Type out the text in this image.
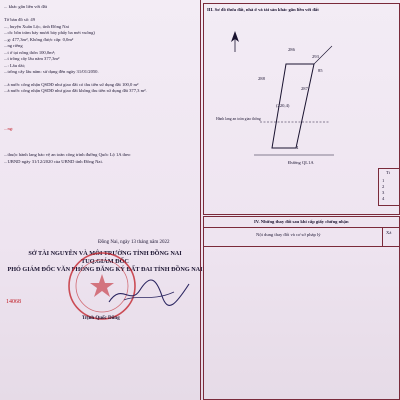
... khác gắn liền với đất
Tờ bản đồ số: 49
..., huyện Xuân Lộc, tỉnh Đồng Nai
...ch: bồn trăm bảy mươi bảy phẩy ba mét vuông)
...g: 477,3m², Không được cấp: 0,0m²
...ng riêng
...t ở tại nông thôn 100,0m²;
...t trồng cây lâu năm 377,3m²
...: Lâu dài;
...trồng cây lâu năm: sử dụng đến ngày 31/01/2050.
...à nước công nhận QSDĐ như giao đất có thu tiền sử dụng đất 100,0 m²
...à nước công nhận QSDĐ như giao đất không thu tiền sử dụng đất 377,3 m².
...ng:
...thuộc hành lang bảo vệ an toàn công trình đường Quốc Lộ 1A theo
...UBND ngày 31/12/2020 của UBND tỉnh Đồng Nai.
Đồng Nai, ngày 13 tháng năm 2022
SỞ TÀI NGUYÊN VÀ MÔI TRƯỜNG TỈNH ĐỒNG NAI
TUQ.GIÁM ĐỐC
PHÓ GIÁM ĐỐC VĂN PHÒNG ĐĂNG KÝ ĐẤT ĐAI TỈNH ĐỒNG NAI
Trịnh Quốc Dũng
14068
III. Sơ đồ thửa đất, nhà ở và tài sản khác gắn liền với đất
286
293
288
287
85
(220,4)
4
Hành lang an toàn giao thông
Đường QL1A
Ti
1
2
3
4
IV. Những thay đổi sau khi cấp giấy chứng nhận
Nội dung thay đổi và cơ sở pháp lý	Xá
